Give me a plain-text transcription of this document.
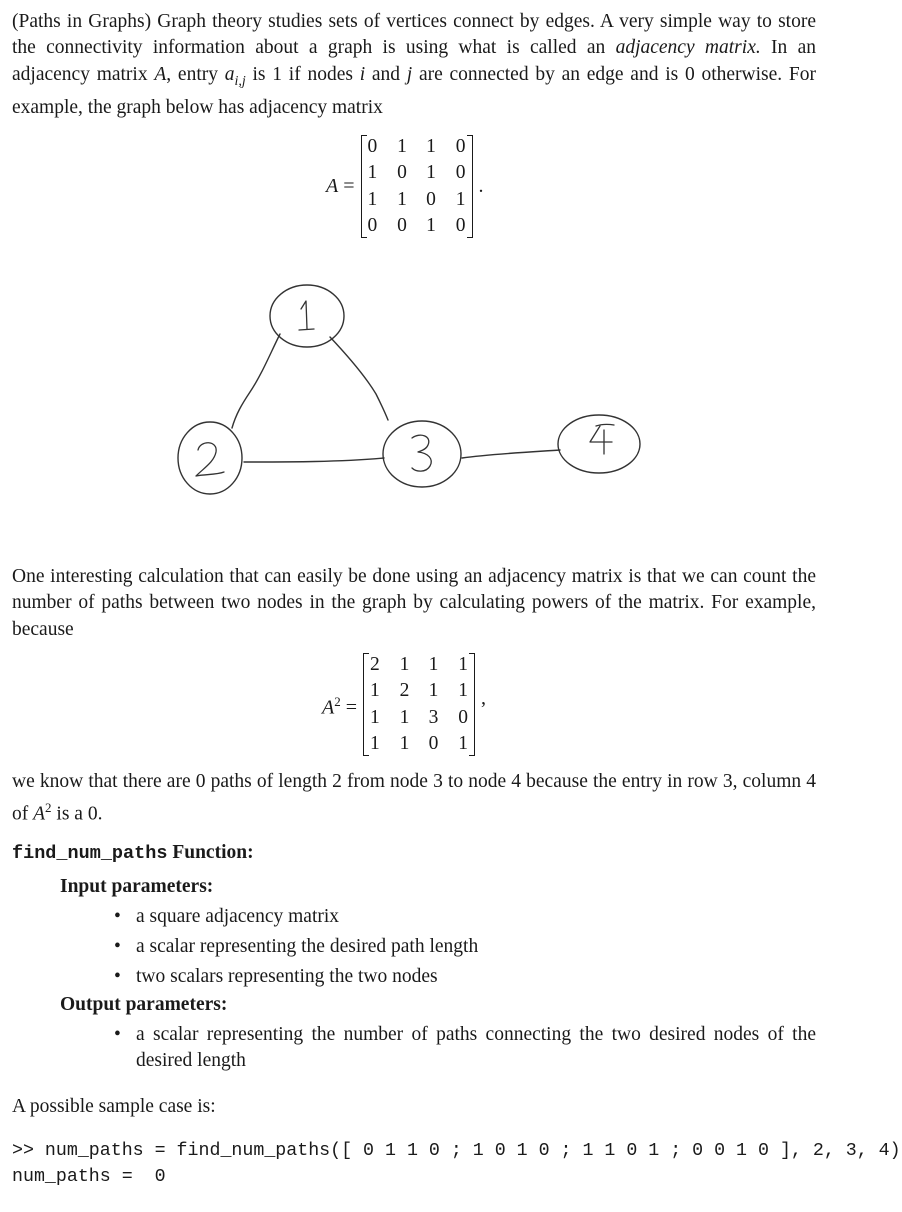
(Paths in Graphs) Graph theory studies sets of vertices connect by edges. A very simple way to store the connectivity information about a graph is using what is called an adjacency matrix. In an adjacency matrix A, entry $a_{i,j}$ is 1 if nodes i and j are connected by an edge and is 0 otherwise. For example, the graph below has adjacency matrix

A =
0	1	1	0
1	0	1	0
1	1	0	1
0	0	1	0
.

One interesting calculation that can easily be done using an adjacency matrix is that we can count the number of paths between two nodes in the graph by calculating powers of the matrix. For example, because

$A^2$ =
2	1	1	1
1	2	1	1
1	1	3	0
1	1	0	1
,

we know that there are 0 paths of length 2 from node 3 to node 4 because the entry in row 3, column 4 of $A^2$ is a 0.

find_num_paths Function:
Input parameters:
• a square adjacency matrix
• a scalar representing the desired path length
• two scalars representing the two nodes
Output parameters:
• a scalar representing the number of paths connecting the two desired nodes of the desired length

A possible sample case is:

>> num_paths = find_num_paths([ 0 1 1 0 ; 1 0 1 0 ; 1 1 0 1 ; 0 0 1 0 ], 2, 3, 4)
num_paths =  0
